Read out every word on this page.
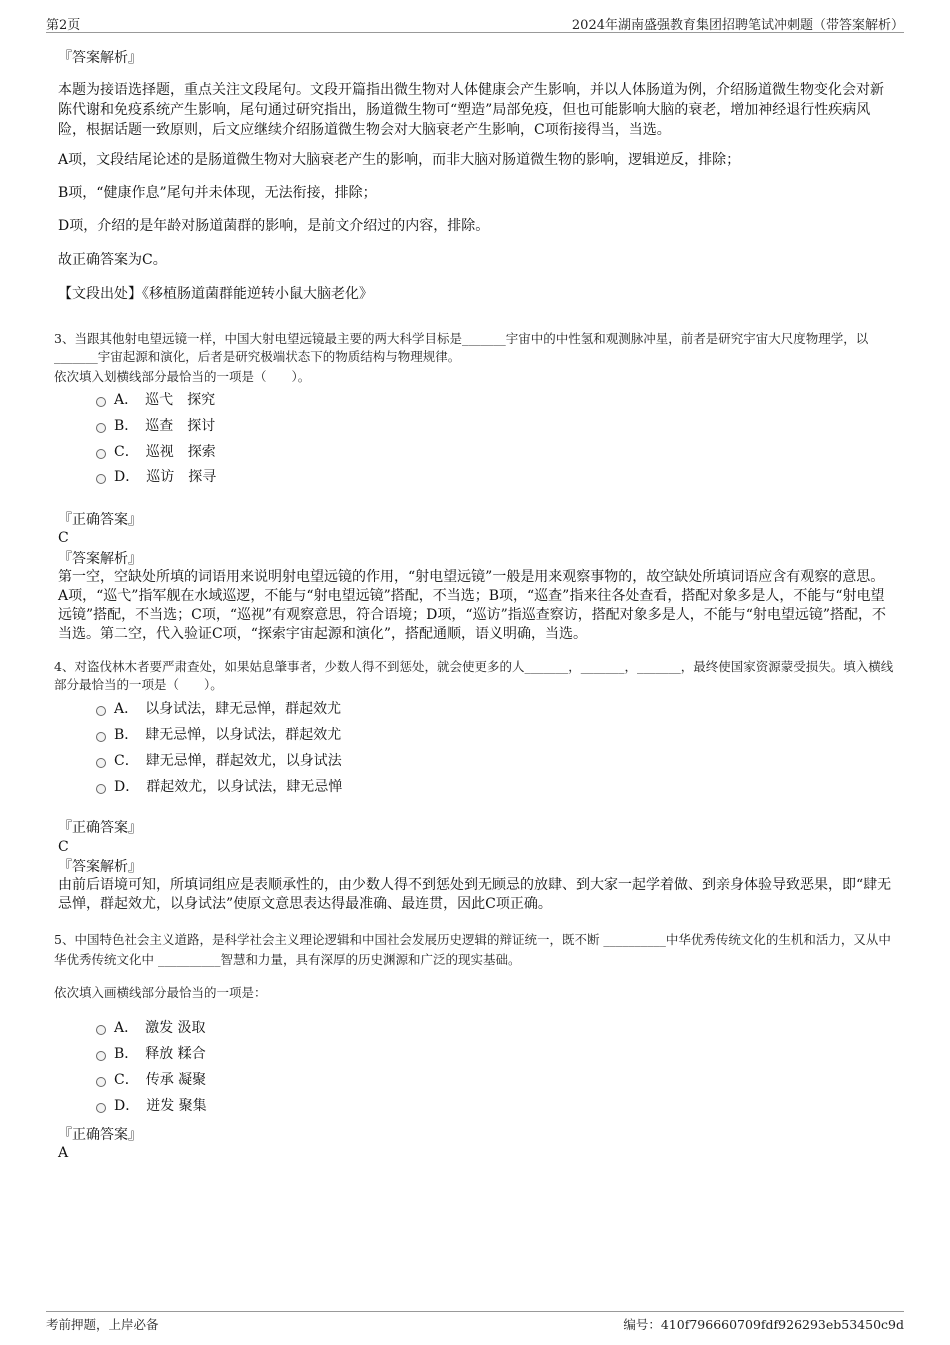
第2页	2024年湖南盛强教育集团招聘笔试冲刺题（带答案解析）
『答案解析』
本题为接语选择题，重点关注文段尾句。文段开篇指出微生物对人体健康会产生影响，并以人体肠道为例，介绍肠道微生物变化会对新陈代谢和免疫系统产生影响，尾句通过研究指出，肠道微生物可“塑造”局部免疫，但也可能影响大脑的衰老，增加神经退行性疾病风险，根据话题一致原则，后文应继续介绍肠道微生物会对大脑衰老产生影响，C项衔接得当，当选。
A项，文段结尾论述的是肠道微生物对大脑衰老产生的影响，而非大脑对肠道微生物的影响，逻辑逆反，排除；
B项，“健康作息”尾句并未体现，无法衔接，排除；
D项，介绍的是年龄对肠道菌群的影响，是前文介绍过的内容，排除。
故正确答案为C。
【文段出处】《移植肠道菌群能逆转小鼠大脑老化》
3、当跟其他射电望远镜一样，中国大射电望远镜最主要的两大科学目标是_______宇宙中的中性氢和观测脉冲星，前者是研究宇宙大尺度物理学，以_______宇宙起源和演化，后者是研究极端状态下的物质结构与物理规律。
依次填入划横线部分最恰当的一项是（　　）。
A．　巡弋　探究
B．　巡查　探讨
C．　巡视　探索
D．　巡访　探寻
『正确答案』
C
『答案解析』
第一空，空缺处所填的词语用来说明射电望远镜的作用，“射电望远镜”一般是用来观察事物的，故空缺处所填词语应含有观察的意思。A项，“巡弋”指军舰在水域巡逻，不能与“射电望远镜”搭配，不当选；B项，“巡查”指来往各处查看，搭配对象多是人，不能与“射电望远镜”搭配，不当选；C项，“巡视”有观察意思，符合语境；D项，“巡访”指巡查察访，搭配对象多是人，不能与“射电望远镜”搭配，不当选。第二空，代入验证C项，“探索宇宙起源和演化”，搭配通顺，语义明确，当选。
4、对盗伐林木者要严肃查处，如果姑息肇事者，少数人得不到惩处，就会使更多的人_______，_______，_______，最终使国家资源蒙受损失。填入横线部分最恰当的一项是（　　）。
A．　以身试法，肆无忌惮，群起效尤
B．　肆无忌惮，以身试法，群起效尤
C．　肆无忌惮，群起效尤，以身试法
D．　群起效尤，以身试法，肆无忌惮
『正确答案』
C
『答案解析』
由前后语境可知，所填词组应是表顺承性的，由少数人得不到惩处到无顾忌的放肆、到大家一起学着做、到亲身体验导致恶果，即“肆无忌惮，群起效尤，以身试法”使原文意思表达得最准确、最连贯，因此C项正确。
5、中国特色社会主义道路，是科学社会主义理论逻辑和中国社会发展历史逻辑的辩证统一，既不断 __________中华优秀传统文化的生机和活力，又从中华优秀传统文化中 __________智慧和力量，具有深厚的历史渊源和广泛的现实基础。
依次填入画横线部分最恰当的一项是：
A．　激发 汲取
B．　释放 糅合
C．　传承 凝聚
D．　迸发 聚集
『正确答案』
A
考前押题，上岸必备	编号：410f796660709fdf926293eb53450c9d
